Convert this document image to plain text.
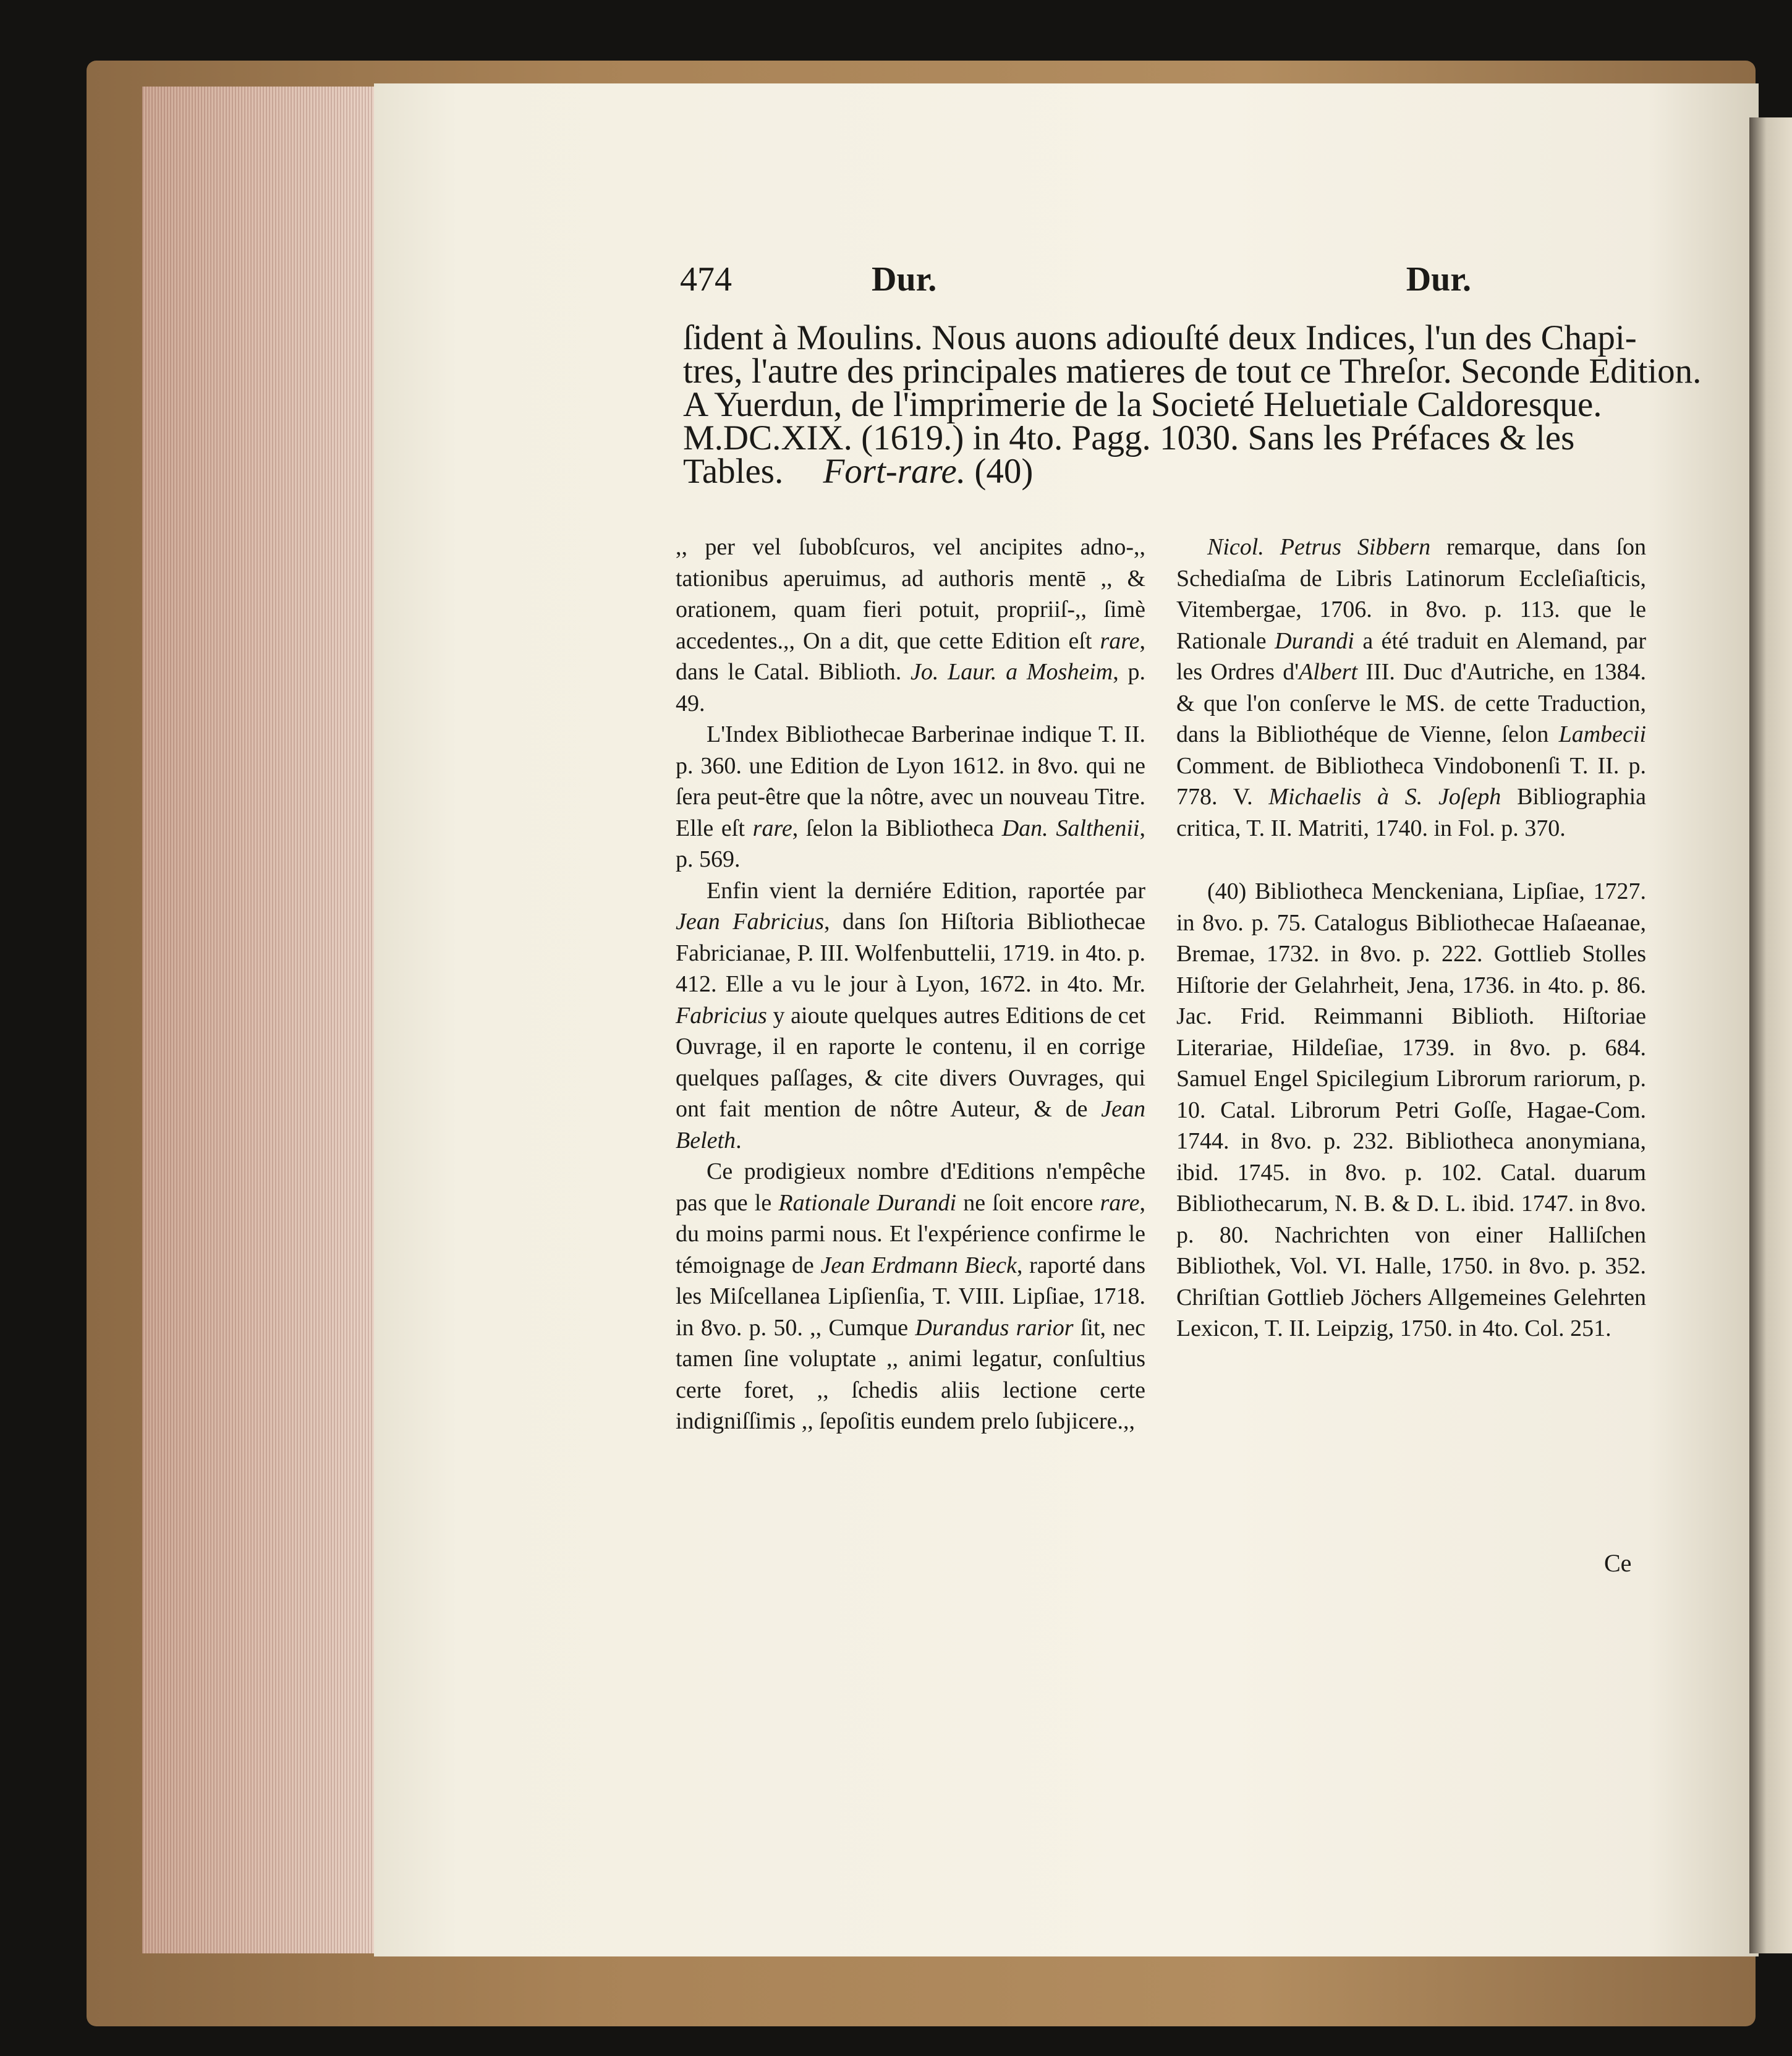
474	Dur.	Dur.
ſident à Moulins. Nous auons adiouſté deux Indices, l'un des Chapi-
tres, l'autre des principales matieres de tout ce Threſor. Seconde Edition.
A Yuerdun, de l'imprimerie de la Societé Heluetiale Caldoresque.
M.DC.XIX. (1619.) in 4to. Pagg. 1030. Sans les Préfaces & les
Tables. Fort-rare. (40)

,, per vel ſubobſcuros, vel ancipites adno-,, tationibus aperuimus, ad authoris mentē ,, & orationem, quam fieri potuit, propriiſ-,, ſimè accedentes.,, On a dit, que cette Edition eſt rare, dans le Catal. Biblioth. Jo. Laur. a Mosheim, p. 49.

L'Index Bibliothecae Barberinae indique T. II. p. 360. une Edition de Lyon 1612. in 8vo. qui ne ſera peut-être que la nôtre, avec un nouveau Titre. Elle eſt rare, ſelon la Bibliotheca Dan. Salthenii, p. 569.

Enfin vient la derniére Edition, raportée par Jean Fabricius, dans ſon Hiſtoria Bibliothecae Fabricianae, P. III. Wolfenbuttelii, 1719. in 4to. p. 412. Elle a vu le jour à Lyon, 1672. in 4to. Mr. Fabricius y aioute quelques autres Editions de cet Ouvrage, il en raporte le contenu, il en corrige quelques paſſages, & cite divers Ouvrages, qui ont fait mention de nôtre Auteur, & de Jean Beleth.

Ce prodigieux nombre d'Editions n'empêche pas que le Rationale Durandi ne ſoit encore rare, du moins parmi nous. Et l'expérience confirme le témoignage de Jean Erdmann Bieck, raporté dans les Miſcellanea Lipſienſia, T. VIII. Lipſiae, 1718. in 8vo. p. 50. ,, Cumque Durandus rarior ſit, nec tamen ſine voluptate ,, animi legatur, conſultius certe foret, ,, ſchedis aliis lectione certe indigniſſimis ,, ſepoſitis eundem prelo ſubjicere.,,

Nicol. Petrus Sibbern remarque, dans ſon Schediaſma de Libris Latinorum Eccleſiaſticis, Vitembergae, 1706. in 8vo. p. 113. que le Rationale Durandi a été traduit en Alemand, par les Ordres d'Albert III. Duc d'Autriche, en 1384. & que l'on conſerve le MS. de cette Traduction, dans la Bibliothéque de Vienne, ſelon Lambecii Comment. de Bibliotheca Vindobonenſi T. II. p. 778. V. Michaelis à S. Joſeph Bibliographia critica, T. II. Matriti, 1740. in Fol. p. 370.

(40) Bibliotheca Menckeniana, Lipſiae, 1727. in 8vo. p. 75. Catalogus Bibliothecae Haſaeanae, Bremae, 1732. in 8vo. p. 222. Gottlieb Stolles Hiſtorie der Gelahrheit, Jena, 1736. in 4to. p. 86. Jac. Frid. Reimmanni Biblioth. Hiſtoriae Literariae, Hildeſiae, 1739. in 8vo. p. 684. Samuel Engel Spicilegium Librorum rariorum, p. 10. Catal. Librorum Petri Goſſe, Hagae-Com. 1744. in 8vo. p. 232. Bibliotheca anonymiana, ibid. 1745. in 8vo. p. 102. Catal. duarum Bibliothecarum, N. B. & D. L. ibid. 1747. in 8vo. p. 80. Nachrichten von einer Halliſchen Bibliothek, Vol. VI. Halle, 1750. in 8vo. p. 352. Chriſtian Gottlieb Jöchers Allgemeines Gelehrten Lexicon, T. II. Leipzig, 1750. in 4to. Col. 251.

Ce
